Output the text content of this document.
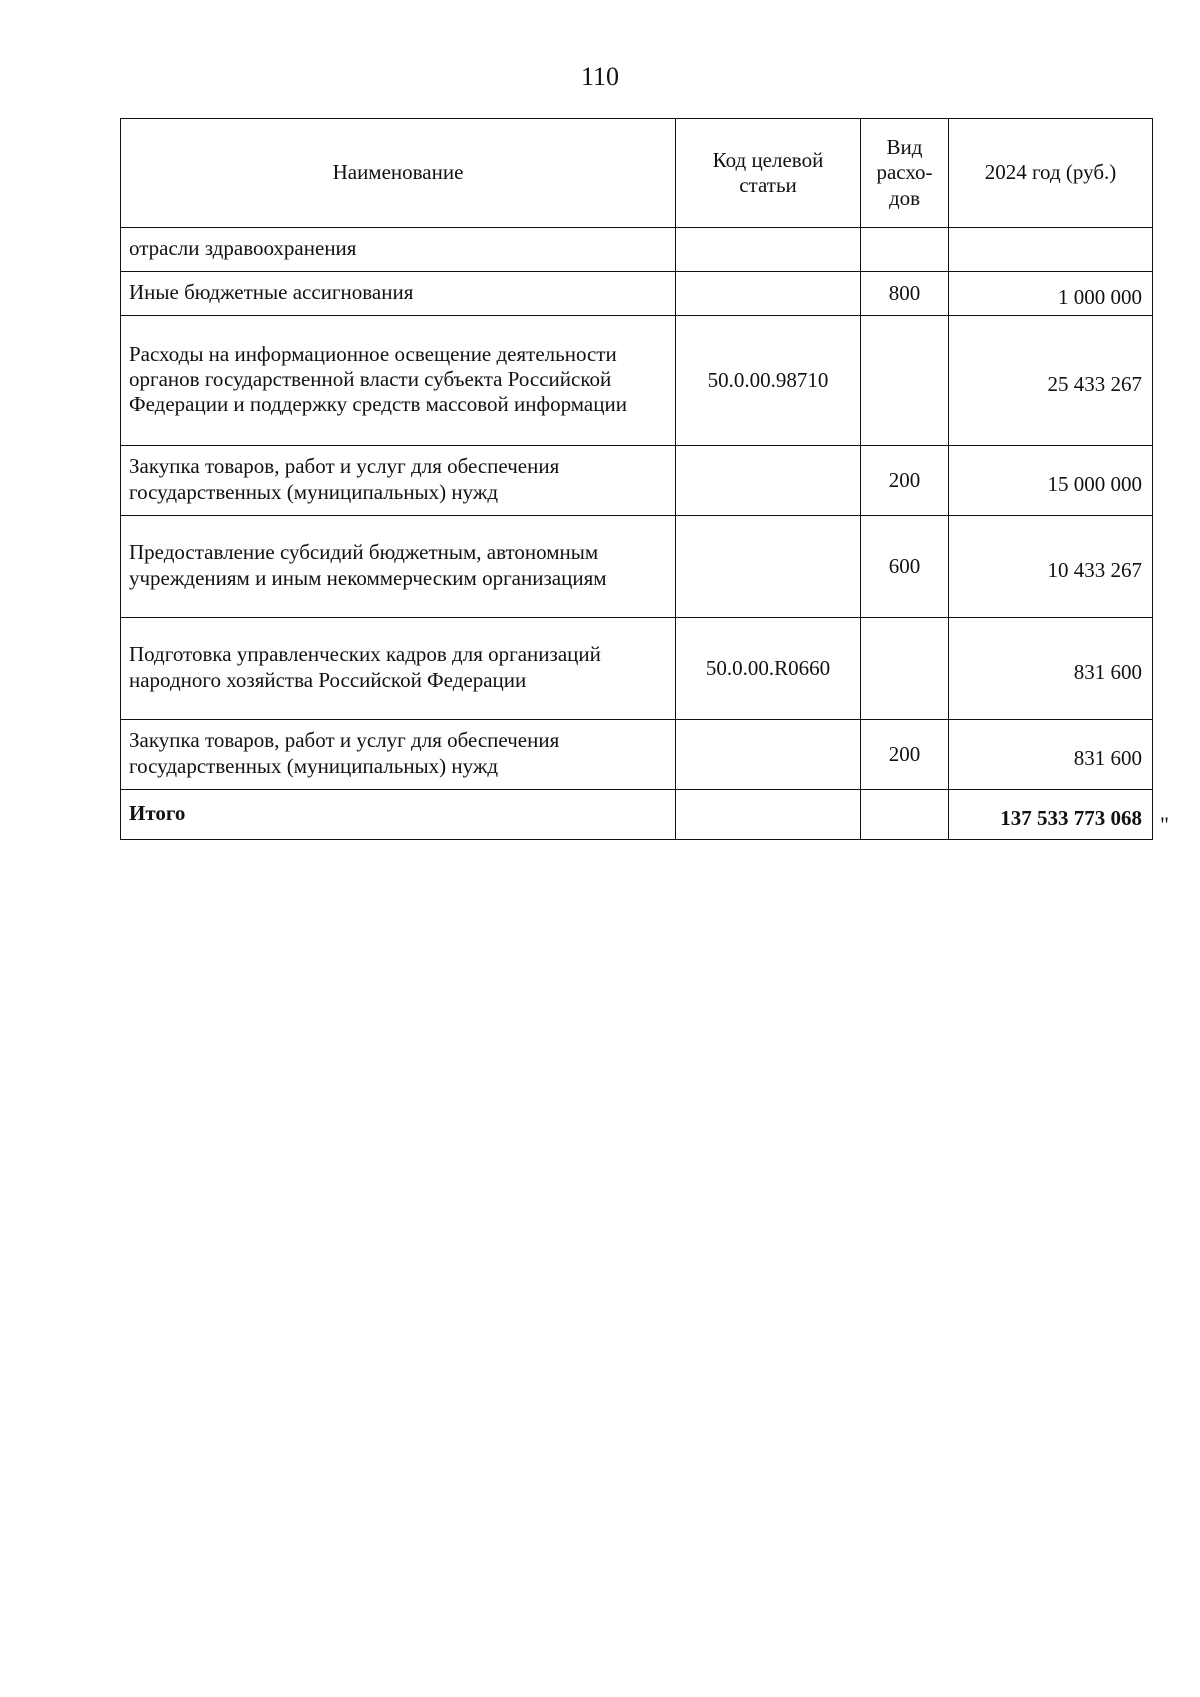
110
Наименование	Код целевой статьи	Вид расхо- дов	2024 год (руб.)
отрасли здравоохранения			
Иные бюджетные ассигнования		800	1 000 000
Расходы на информационное освещение деятельности органов государственной власти субъекта Российской Федерации и поддержку средств массовой информации	50.0.00.98710		25 433 267
Закупка товаров, работ и услуг для обеспечения государственных (муниципальных) нужд		200	15 000 000
Предоставление субсидий бюджетным, автономным учреждениям и иным некоммерческим организациям		600	10 433 267
Подготовка управленческих кадров для организаций народного хозяйства Российской Федерации	50.0.00.R0660		831 600
Закупка товаров, работ и услуг для обеспечения государственных (муниципальных) нужд		200	831 600
Итого			137 533 773 068 "
